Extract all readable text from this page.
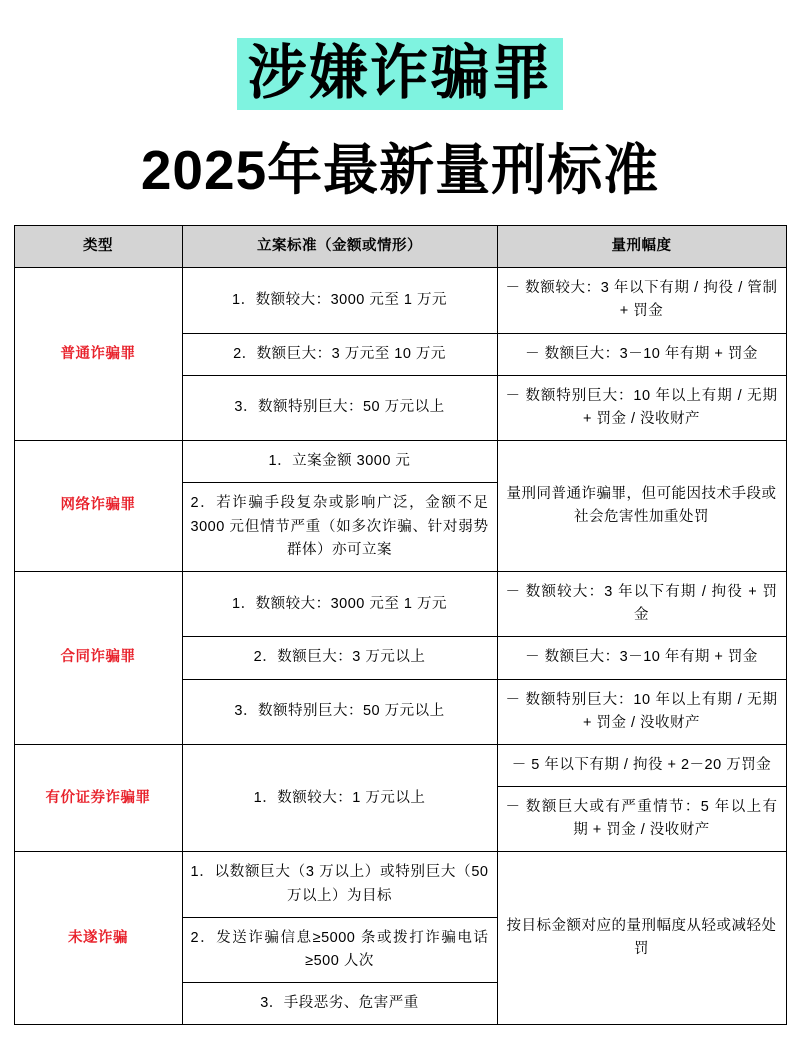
涉嫌诈骗罪
2025年最新量刑标准
类型	立案标准（金额或情形）	量刑幅度
普通诈骗罪	1．数额较大：3000 元至 1 万元	－ 数额较大：3 年以下有期 / 拘役 / 管制 + 罚金
	2．数额巨大：3 万元至 10 万元	－ 数额巨大：3－10 年有期 + 罚金
	3．数额特别巨大：50 万元以上	－ 数额特别巨大：10 年以上有期 / 无期 + 罚金 / 没收财产
网络诈骗罪	1．立案金额 3000 元	量刑同普通诈骗罪，但可能因技术手段或社会危害性加重处罚
	2．若诈骗手段复杂或影响广泛，金额不足 3000 元但情节严重（如多次诈骗、针对弱势群体）亦可立案	
合同诈骗罪	1．数额较大：3000 元至 1 万元	－ 数额较大：3 年以下有期 / 拘役 + 罚金
	2．数额巨大：3 万元以上	－ 数额巨大：3－10 年有期 + 罚金
	3．数额特别巨大：50 万元以上	－ 数额特别巨大：10 年以上有期 / 无期 + 罚金 / 没收财产
有价证券诈骗罪	1．数额较大：1 万元以上	－ 5 年以下有期 / 拘役 + 2－20 万罚金
		－ 数额巨大或有严重情节：5 年以上有期 + 罚金 / 没收财产
未遂诈骗	1．以数额巨大（3 万以上）或特别巨大（50 万以上）为目标	按目标金额对应的量刑幅度从轻或减轻处罚
	2．发送诈骗信息≥5000 条或拨打诈骗电话≥500 人次	
	3．手段恶劣、危害严重	
